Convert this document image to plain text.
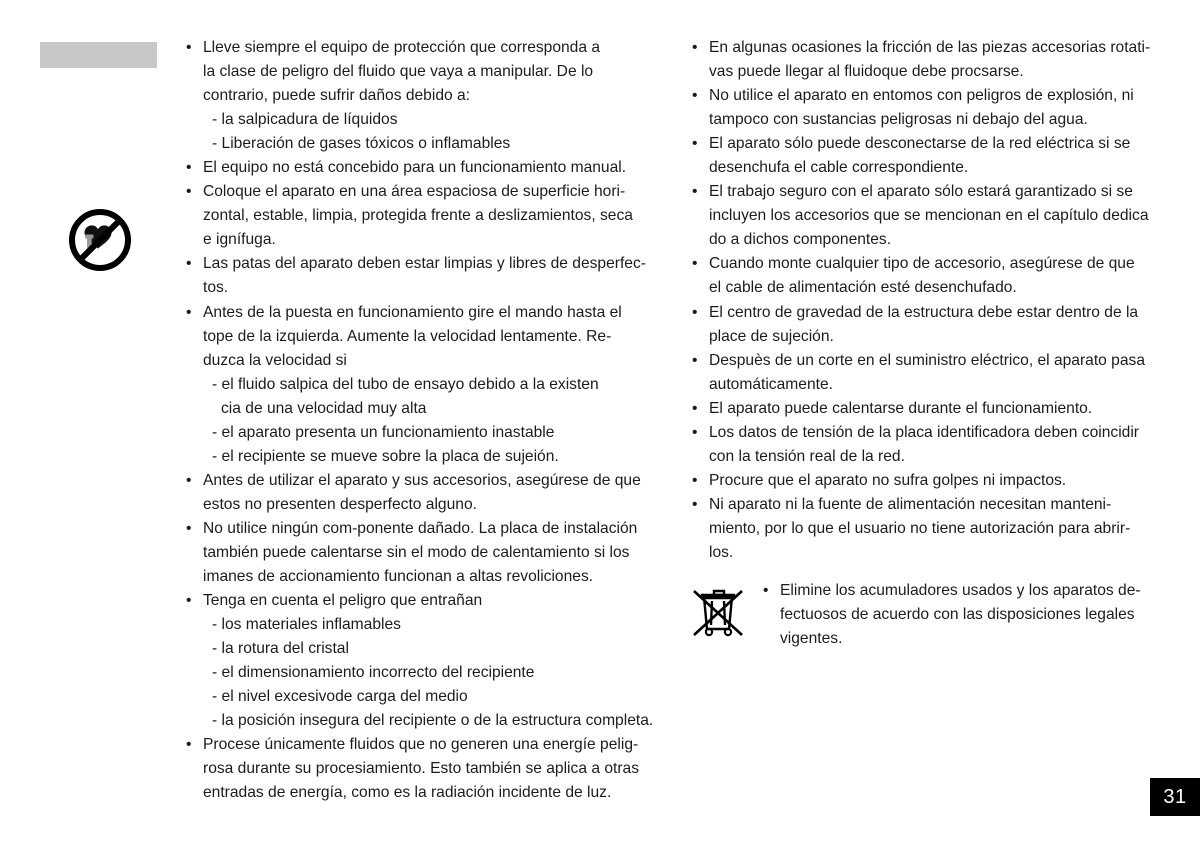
• Lleve siempre el equipo de protección que corresponda a
la clase de peligro del fluido que vaya a manipular. De lo
contrario, puede sufrir daños debido a:
- la salpicadura de líquidos
- Liberación de gases tóxicos o inflamables
• El equipo no está concebido para un funcionamiento manual.
• Coloque el aparato en una área espaciosa de superficie hori-
zontal, estable, limpia, protegida frente a deslizamientos, seca
e ignífuga.
• Las patas del aparato deben estar limpias y libres de desperfec-
tos.
• Antes de la puesta en funcionamiento gire el mando hasta el
tope de la izquierda. Aumente la velocidad lentamente. Re-
duzca la velocidad si
- el fluido salpica del tubo de ensayo debido a la existen
cia de una velocidad muy alta
- el aparato presenta un funcionamiento inastable
- el recipiente se mueve sobre la placa de sujeión.
• Antes de utilizar el aparato y sus accesorios, asegúrese de que
estos no presenten desperfecto alguno.
• No utilice ningún com-ponente dañado. La placa de instalación
también puede calentarse sin el modo de calentamiento si los
imanes de accionamiento funcionan a altas revoliciones.
• Tenga en cuenta el peligro que entrañan
- los materiales inflamables
- la rotura del cristal
- el dimensionamiento incorrecto del recipiente
- el nivel excesivode carga del medio
- la posición insegura del recipiente o de la estructura completa.
• Procese únicamente fluidos que no generen una energíe pelig-
rosa durante su procesiamiento. Esto también se aplica a otras
entradas de energía, como es la radiación incidente de luz.
• En algunas ocasiones la fricción de las piezas accesorias rotati-
vas puede llegar al fluidoque debe procsarse.
• No utilice el aparato en entomos con peligros de explosión, ni
tampoco con sustancias peligrosas ni debajo del agua.
• El aparato sólo puede desconectarse de la red eléctrica si se
desenchufa el cable correspondiente.
• El trabajo seguro con el aparato sólo estará garantizado si se
incluyen los accesorios que se mencionan en el capítulo dedica
do a dichos componentes.
• Cuando monte cualquier tipo de accesorio, asegúrese de que
el cable de alimentación esté desenchufado.
• El centro de gravedad de la estructura debe estar dentro de la
place de sujeción.
• Despuès de un corte en el suministro eléctrico, el aparato pasa
automáticamente.
• El aparato puede calentarse durante el funcionamiento.
• Los datos de tensión de la placa identificadora deben coincidir
con la tensión real de la red.
• Procure que el aparato no sufra golpes ni impactos.
• Ni aparato ni la fuente de alimentación necesitan manteni-
miento, por lo que el usuario no tiene autorización para abrir-
los.
• Elimine los acumuladores usados y los aparatos de-
fectuosos de acuerdo con las disposiciones legales
vigentes.
31
